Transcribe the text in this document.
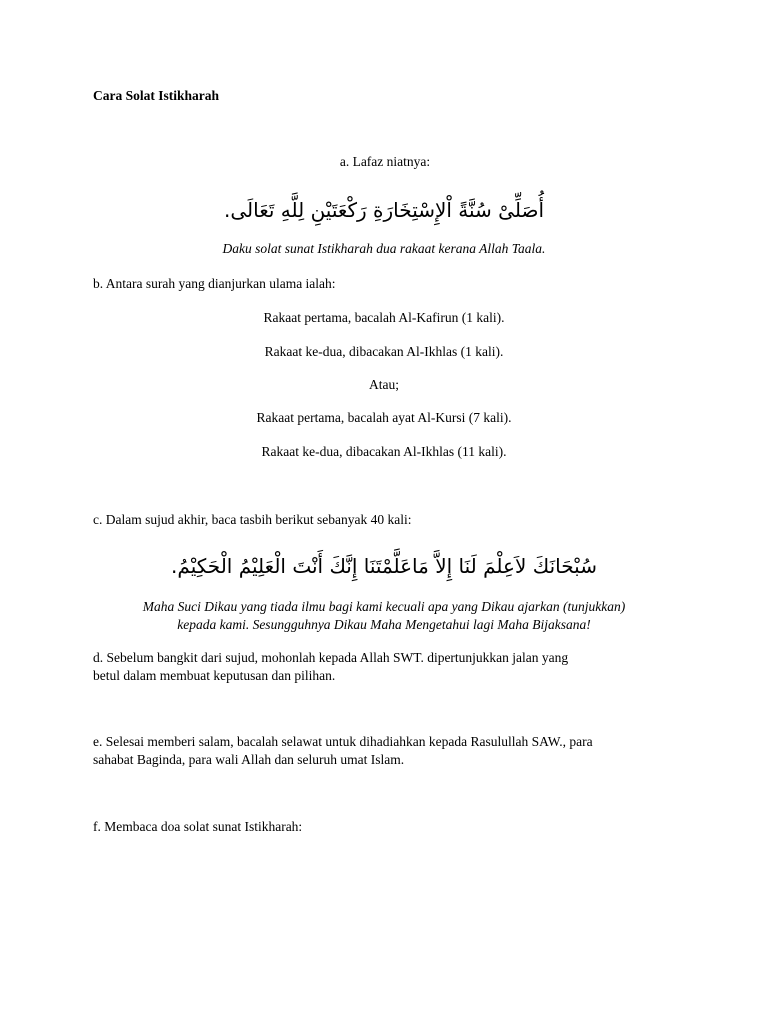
Cara Solat Istikharah
a. Lafaz niatnya:
أُصَلِّىْ سُنَّةً اْلإِسْتِخَارَةِ رَكْعَتَيْنِ لِلَّهِ تَعَالَى.
Daku solat sunat Istikharah dua rakaat kerana Allah Taala.
b. Antara surah yang dianjurkan ulama ialah:
Rakaat pertama, bacalah Al-Kafirun (1 kali).
Rakaat ke-dua, dibacakan Al-Ikhlas (1 kali).
Atau;
Rakaat pertama, bacalah ayat Al-Kursi (7 kali).
Rakaat ke-dua, dibacakan Al-Ikhlas (11 kali).
c. Dalam sujud akhir, baca tasbih berikut sebanyak 40 kali:
سُبْحَانَكَ لاَعِلْمَ لَنَا إِلاَّ مَاعَلَّمْتَنَا إِنَّكَ أَنْتَ الْعَلِيْمُ الْحَكِيْمُ.
Maha Suci Dikau yang tiada ilmu bagi kami kecuali apa yang Dikau ajarkan (tunjukkan)
kepada kami. Sesungguhnya Dikau Maha Mengetahui lagi Maha Bijaksana!
d. Sebelum bangkit dari sujud, mohonlah kepada Allah SWT. dipertunjukkan jalan yang
betul dalam membuat keputusan dan pilihan.
e. Selesai memberi salam, bacalah selawat untuk dihadiahkan kepada Rasulullah SAW., para
sahabat Baginda, para wali Allah dan seluruh umat Islam.
f. Membaca doa solat sunat Istikharah:
